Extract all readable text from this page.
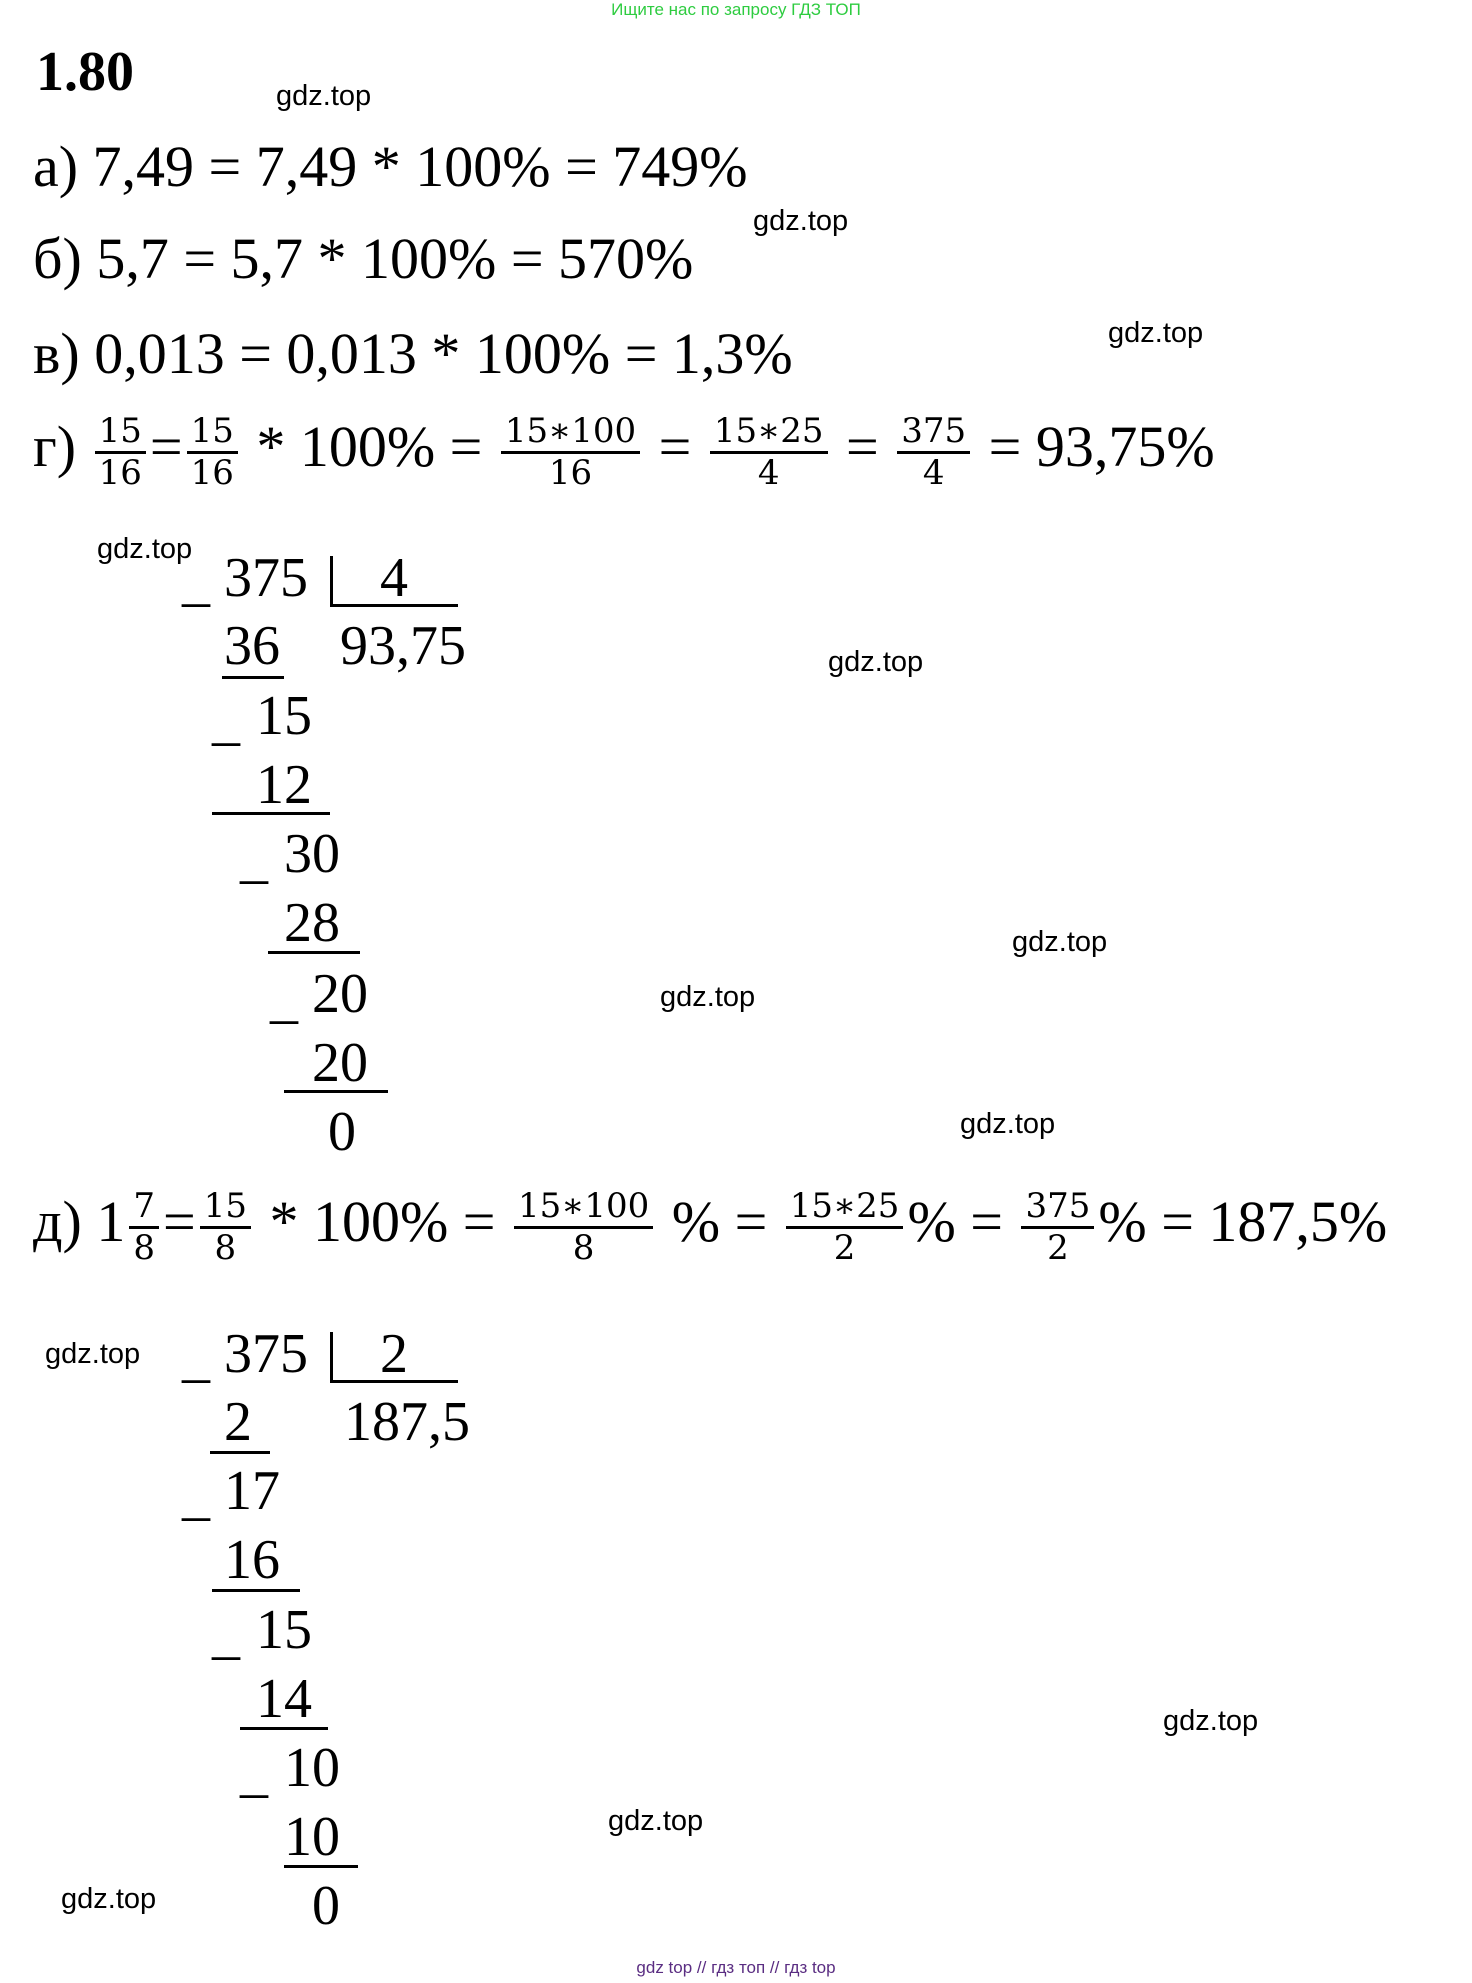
Ищите нас по запросу ГДЗ ТОП
1.80	gdz.top
gdz.top
gdz.top
gdz.top
gdz.top
gdz.top
gdz.top
gdz.top
gdz.top
gdz.top
gdz.top
gdz.top
а) 7,49 = 7,49 * 100% = 749%
б) 5,7 = 5,7 * 100% = 570%
в) 0,013 = 0,013 * 100% = 1,3%
$г) \frac{15}{16} = \frac{15}{16} * 100\% = \frac{15∗100}{16} = \frac{15∗25}{4} = \frac{375}{4} = 93,75\%$
_ 375 4
93,75
36
_ 15
12
_ 30
28
_ 20
20
0
д) $1 \frac{7}{8} = \frac{15}{8} * 100\% = \frac{15∗100}{8}$ % = $\frac{15∗25}{2}$ % = $\frac{375}{2}$ % = 187,5%
_ 375 2
187,5
2
_ 17
16
_ 15
14
_ 10
10
0
gdz top // гдз топ // гдз top
